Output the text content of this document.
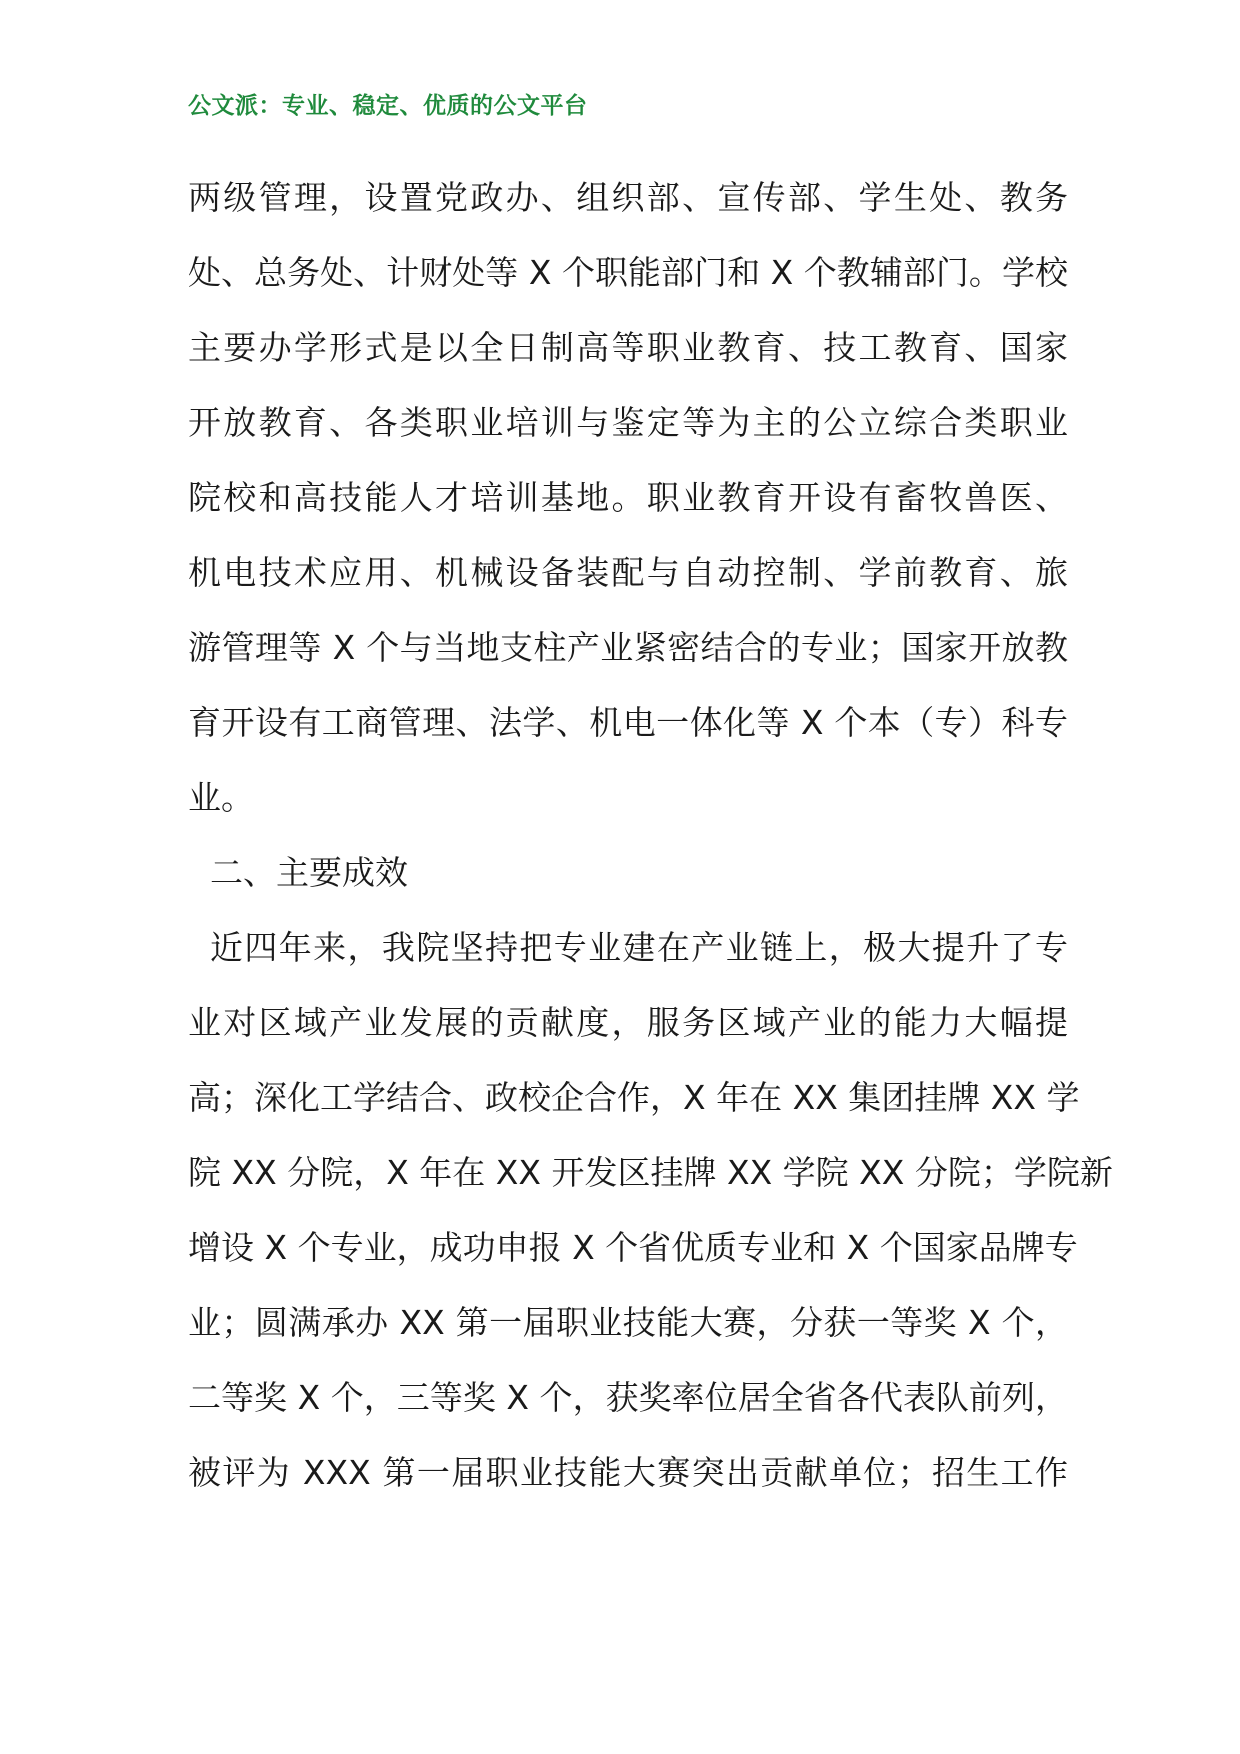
公文派：专业、稳定、优质的公文平台
两级管理，设置党政办、组织部、宣传部、学生处、教务
处、总务处、计财处等 X 个职能部门和 X 个教辅部门。学校
主要办学形式是以全日制高等职业教育、技工教育、国家
开放教育、各类职业培训与鉴定等为主的公立综合类职业
院校和高技能人才培训基地。职业教育开设有畜牧兽医、
机电技术应用、机械设备装配与自动控制、学前教育、旅
游管理等 X 个与当地支柱产业紧密结合的专业；国家开放教
育开设有工商管理、法学、机电一体化等 X 个本（专）科专
业。
二、主要成效
近四年来，我院坚持把专业建在产业链上，极大提升了专
业对区域产业发展的贡献度，服务区域产业的能力大幅提
高；深化工学结合、政校企合作，X 年在 XX 集团挂牌 XX 学
院 XX 分院，X 年在 XX 开发区挂牌 XX 学院 XX 分院；学院新
增设 X 个专业，成功申报 X 个省优质专业和 X 个国家品牌专
业；圆满承办 XX 第一届职业技能大赛，分获一等奖 X 个，
二等奖 X 个，三等奖 X 个，获奖率位居全省各代表队前列，
被评为 XXX 第一届职业技能大赛突出贡献单位；招生工作
